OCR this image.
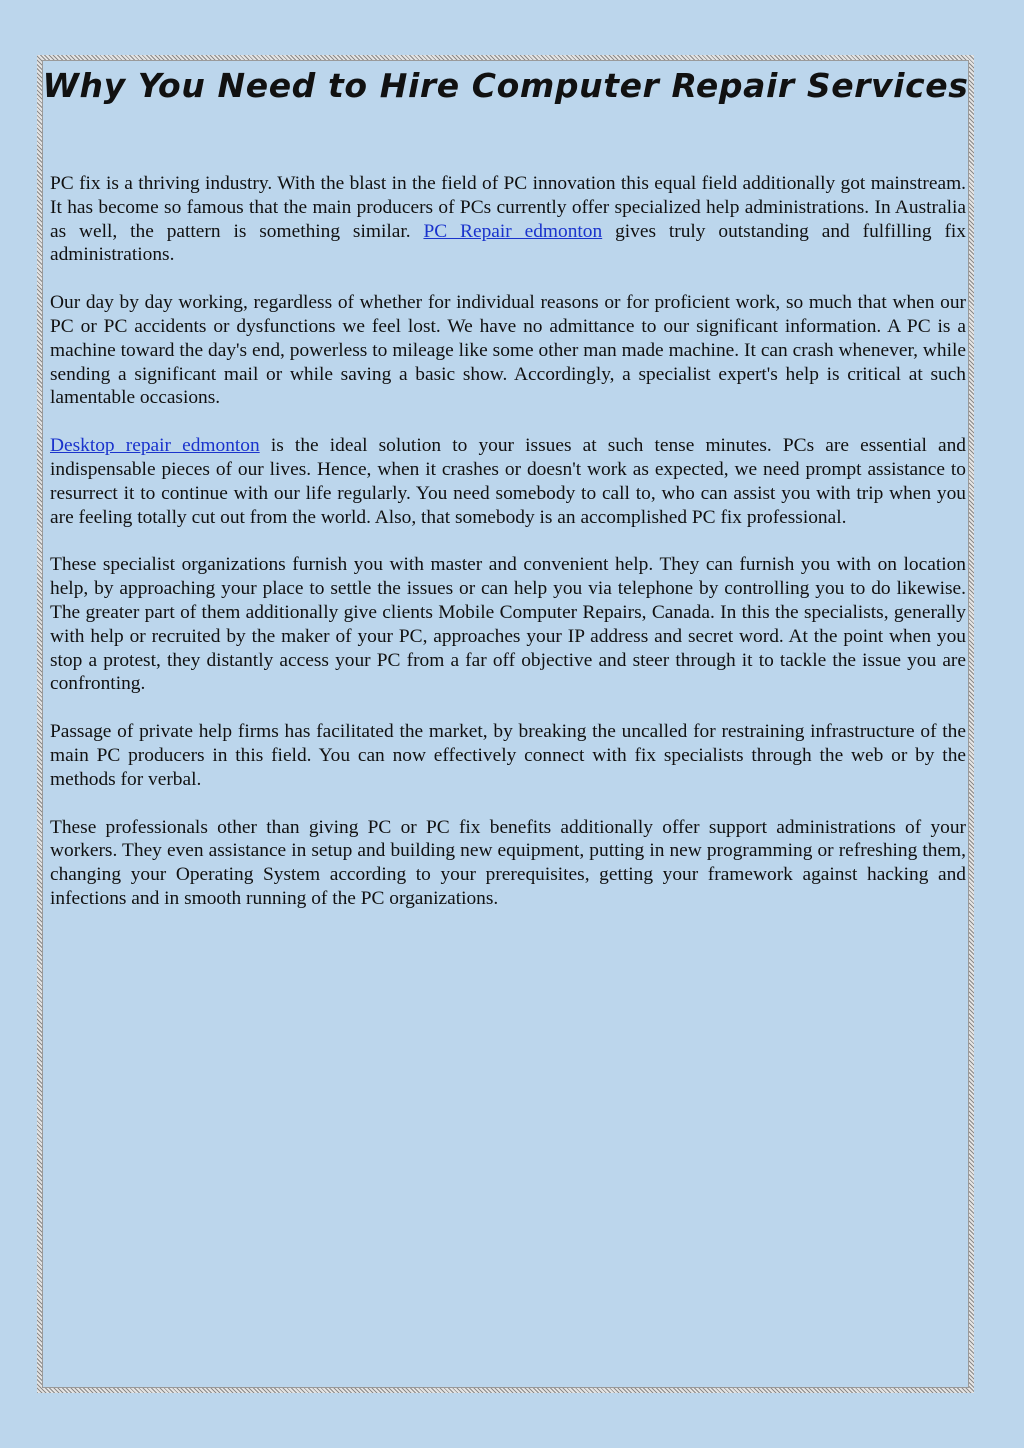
Why You Need to Hire Computer Repair Services

PC fix is a thriving industry. With the blast in the field of PC innovation this equal field additionally got mainstream. It has become so famous that the main producers of PCs currently offer specialized help administrations. In Australia as well, the pattern is something similar. PC Repair edmonton gives truly outstanding and fulfilling fix administrations.

Our day by day working, regardless of whether for individual reasons or for proficient work, so much that when our PC or PC accidents or dysfunctions we feel lost. We have no admittance to our significant information. A PC is a machine toward the day's end, powerless to mileage like some other man made machine. It can crash whenever, while sending a significant mail or while saving a basic show. Accordingly, a specialist expert's help is critical at such lamentable occasions.

Desktop repair edmonton is the ideal solution to your issues at such tense minutes. PCs are essential and indispensable pieces of our lives. Hence, when it crashes or doesn't work as expected, we need prompt assistance to resurrect it to continue with our life regularly. You need somebody to call to, who can assist you with trip when you are feeling totally cut out from the world. Also, that somebody is an accomplished PC fix professional.

These specialist organizations furnish you with master and convenient help. They can furnish you with on location help, by approaching your place to settle the issues or can help you via telephone by controlling you to do likewise. The greater part of them additionally give clients Mobile Computer Repairs, Canada. In this the specialists, generally with help or recruited by the maker of your PC, approaches your IP address and secret word. At the point when you stop a protest, they distantly access your PC from a far off objective and steer through it to tackle the issue you are confronting.

Passage of private help firms has facilitated the market, by breaking the uncalled for restraining infrastructure of the main PC producers in this field. You can now effectively connect with fix specialists through the web or by the methods for verbal.

These professionals other than giving PC or PC fix benefits additionally offer support administrations of your workers. They even assistance in setup and building new equipment, putting in new programming or refreshing them, changing your Operating System according to your prerequisites, getting your framework against hacking and infections and in smooth running of the PC organizations.
